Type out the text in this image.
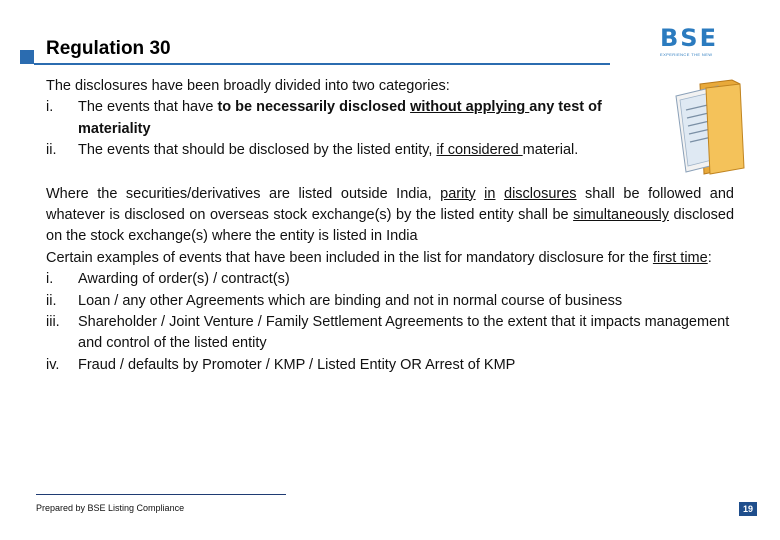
Regulation 30	BSE
EXPERIENCE THE NEW

The disclosures have been broadly divided into two categories:

i. The events that have to be necessarily disclosed without applying any test of
materiality
ii. The events that should be disclosed by the listed entity, if considered material.

Where the securities/derivatives are listed outside India, parity in disclosures shall be followed and whatever is disclosed on overseas stock exchange(s) by the listed entity shall be simultaneously disclosed on the stock exchange(s) where the entity is listed in India

Certain examples of events that have been included in the list for mandatory disclosure for the first time:

i. Awarding of order(s) / contract(s)
ii. Loan / any other Agreements which are binding and not in normal course of business
iii. Shareholder / Joint Venture / Family Settlement Agreements to the extent that it impacts management and control of the listed entity
iv. Fraud / defaults by Promoter / KMP / Listed Entity OR Arrest of KMP
Prepared by BSE Listing Compliance	19
